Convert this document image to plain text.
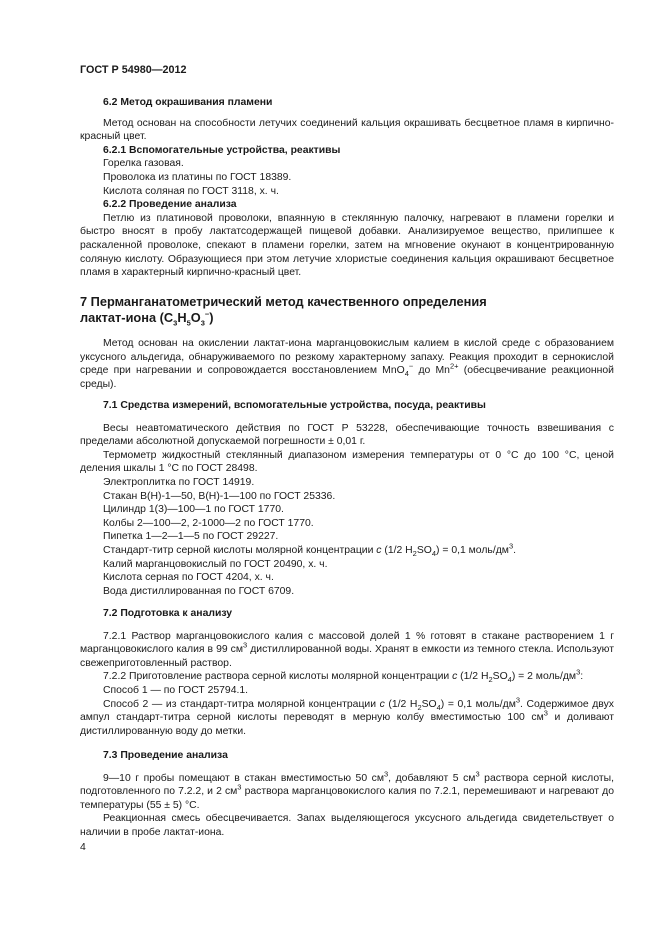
ГОСТ Р 54980—2012
6.2 Метод окрашивания пламени
Метод основан на способности летучих соединений кальция окрашивать бесцветное пламя в кирпично-красный цвет.
6.2.1 Вспомогательные устройства, реактивы
Горелка газовая.
Проволока из платины по ГОСТ 18389.
Кислота соляная по ГОСТ 3118, х. ч.
6.2.2 Проведение анализа
Петлю из платиновой проволоки, впаянную в стеклянную палочку, нагревают в пламени горелки и быстро вносят в пробу лактатсодержащей пищевой добавки. Анализируемое вещество, прилипшее к раскаленной проволоке, спекают в пламени горелки, затем на мгновение окунают в концентрированную соляную кислоту. Образующиеся при этом летучие хлористые соединения кальция окрашивают бесцветное пламя в характерный кирпично-красный цвет.
7 Перманганатометрический метод качественного определения
лактат-иона $(C_3H_5O_3^-)$
Метод основан на окислении лактат-иона марганцовокислым калием в кислой среде с образованием уксусного альдегида, обнаруживаемого по резкому характерному запаху. Реакция проходит в сернокислой среде при нагревании и сопровождается восстановлением MnO$_4$− до $Mn^{2+}$ (обесцвечивание реакционной среды).
7.1 Средства измерений, вспомогательные устройства, посуда, реактивы
Весы неавтоматического действия по ГОСТ Р 53228, обеспечивающие точность взвешивания с пределами абсолютной допускаемой погрешности ± 0,01 г.
Термометр жидкостный стеклянный диапазоном измерения температуры от 0 °С до 100 °С, ценой деления шкалы 1 °С по ГОСТ 28498.
Электроплитка по ГОСТ 14919.
Стакан В(Н)-1—50, В(Н)-1—100 по ГОСТ 25336.
Цилиндр 1(3)—100—1 по ГОСТ 1770.
Колбы 2—100—2, 2-1000—2 по ГОСТ 1770.
Пипетка 1—2—1—5 по ГОСТ 29227.
Стандарт-титр серной кислоты молярной концентрации с (1/2 $H_2SO_4) = 0,1$ моль/$дм^3$.
Калий марганцовокислый по ГОСТ 20490, х. ч.
Кислота серная по ГОСТ 4204, х. ч.
Вода дистиллированная по ГОСТ 6709.
7.2 Подготовка к анализу
7.2.1 Раствор марганцовокислого калия с массовой долей 1 % готовят в стакане растворением 1 г марганцовокислого калия в 99 $см^3$ дистиллированной воды. Хранят в емкости из темного стекла. Используют свежеприготовленный раствор.
7.2.2 Приготовление раствора серной кислоты молярной концентрации с (1/2 $H_2SO_4) = 2$ моль/$дм^3$:
Способ 1 — по ГОСТ 25794.1.
Способ 2 — из стандарт-титра молярной концентрации с (1/2 $H_2SO_4) = 0,1$ моль/$дм^3$. Содержимое двух ампул стандарт-титра серной кислоты переводят в мерную колбу вместимостью 100 $см^3$ и доливают дистиллированную воду до метки.
7.3 Проведение анализа
9—10 г пробы помещают в стакан вместимостью 50 $см^3$, добавляют 5 $см^3$ раствора серной кислоты, подготовленного по 7.2.2, и 2 $см^3$ раствора марганцовокислого калия по 7.2.1, перемешивают и нагревают до температуры (55 ± 5) °С.
Реакционная смесь обесцвечивается. Запах выделяющегося уксусного альдегида свидетельствует о наличии в пробе лактат-иона.
4
